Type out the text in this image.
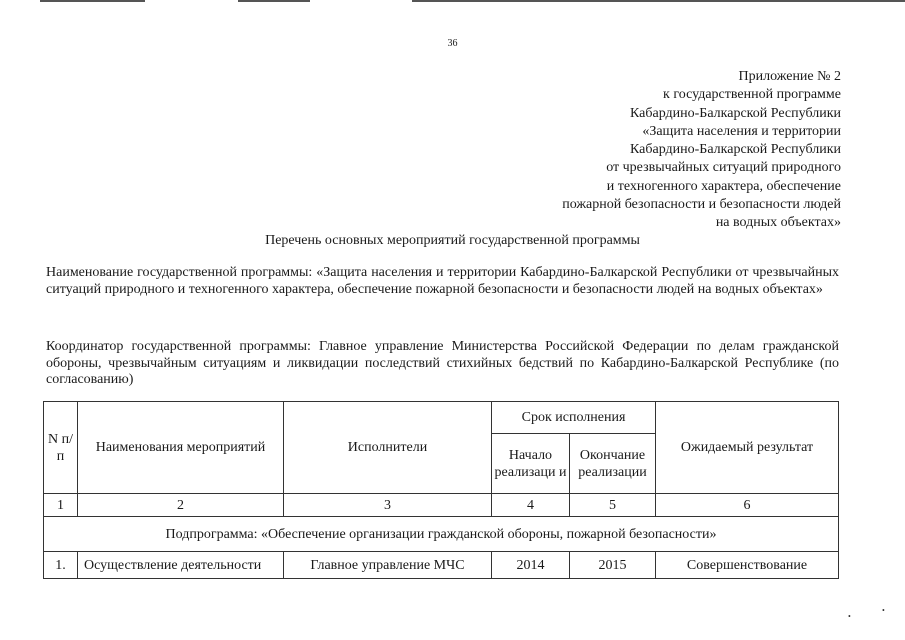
36
Приложение № 2
к государственной программе
Кабардино-Балкарской Республики
«Защита населения и территории
Кабардино-Балкарской Республики
от чрезвычайных ситуаций природного
и техногенного характера, обеспечение
пожарной безопасности и безопасности людей
на водных объектах»
Перечень основных мероприятий государственной программы
Наименование государственной программы: «Защита населения и территории Кабардино-Балкарской Республики от чрезвычайных ситуаций природного и техногенного характера, обеспечение пожарной безопасности и безопасности людей на водных объектах»
Координатор государственной программы: Главное управление Министерства Российской Федерации по делам гражданской обороны, чрезвычайным ситуациям и ликвидации последствий стихийных бедствий по Кабардино-Балкарской Республике (по согласованию)
N п/п	Наименования мероприятий	Исполнители	Срок исполнения		Ожидаемый результат
			Начало реализаци и	Окончание реализации	
1	2	3	4	5	6
Подпрограмма: «Обеспечение организации гражданской обороны, пожарной безопасности»					
1.	Осуществление деятельности	Главное управление МЧС	2014	2015	Совершенствование
•
•
